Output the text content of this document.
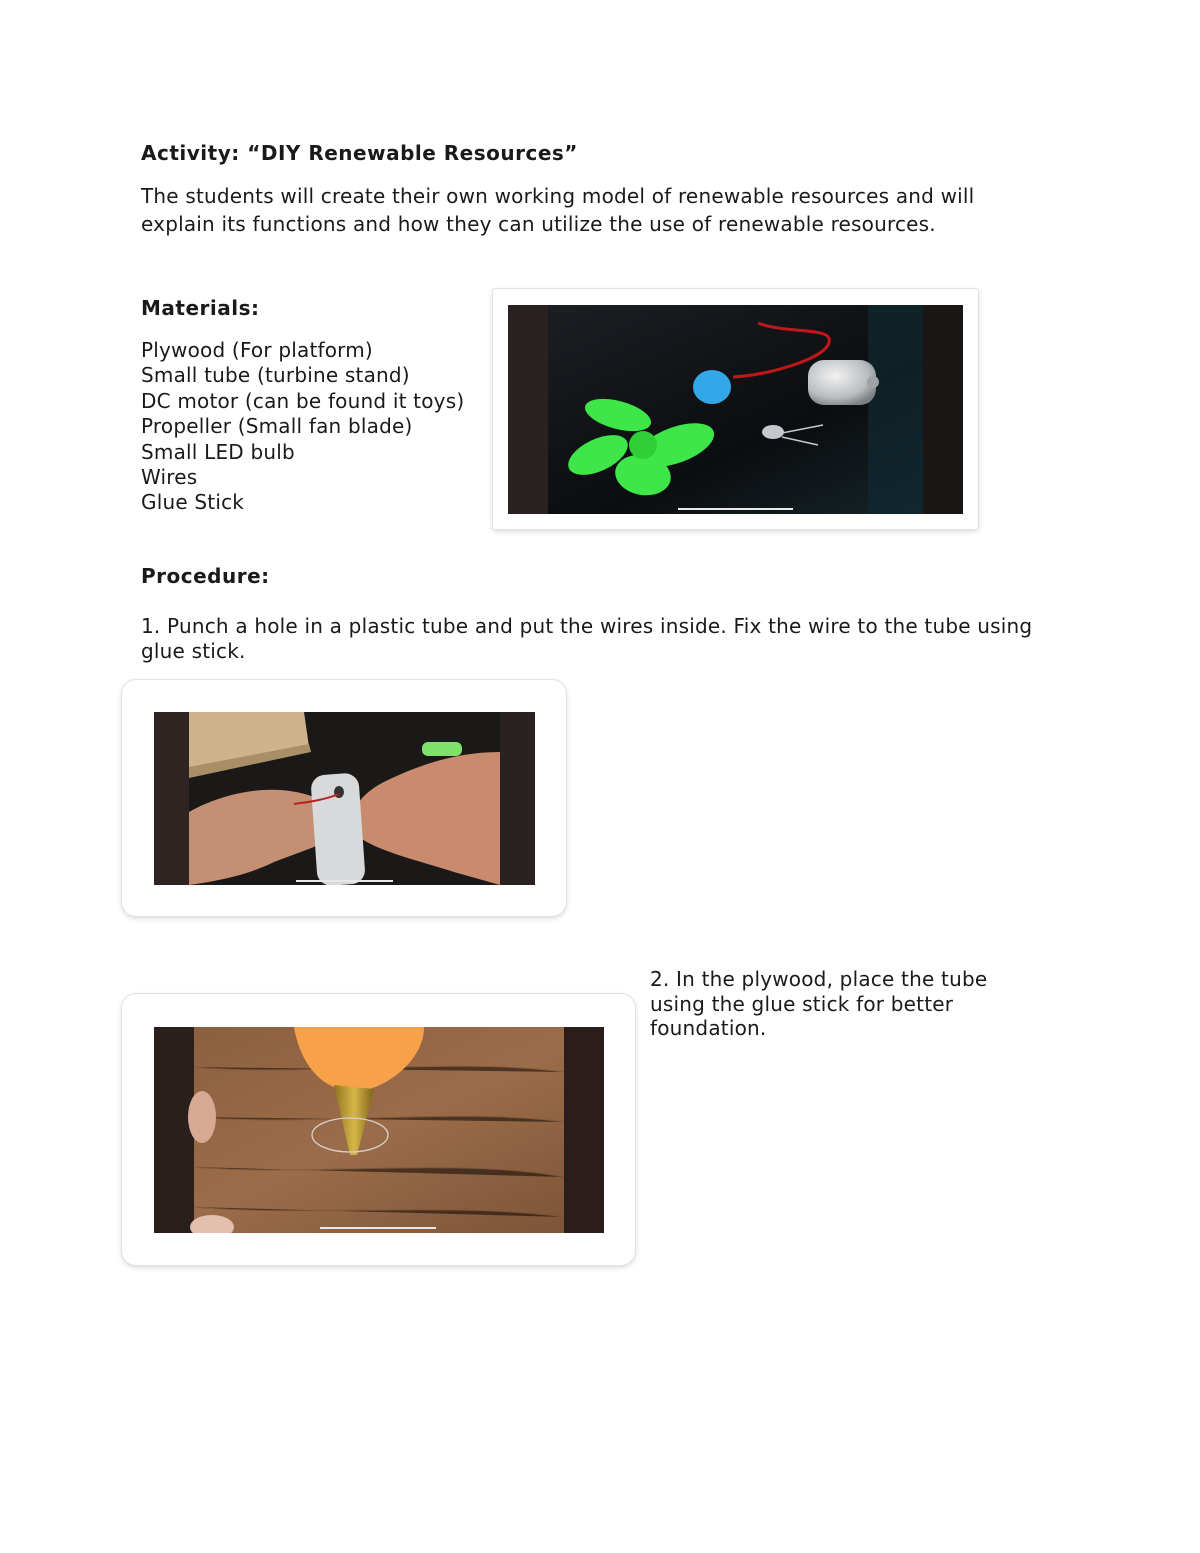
Activity: “DIY Renewable Resources”
The students will create their own working model of renewable resources and will explain its functions and how they can utilize the use of renewable resources.
Materials:
Plywood (For platform)
Small tube (turbine stand)
DC motor (can be found it toys)
Propeller (Small fan blade)
Small LED bulb
Wires
Glue Stick
Procedure:
1. Punch a hole in a plastic tube and put the wires inside. Fix the wire to the tube using glue stick.
2. In the plywood, place the tube using the glue stick for better foundation.
